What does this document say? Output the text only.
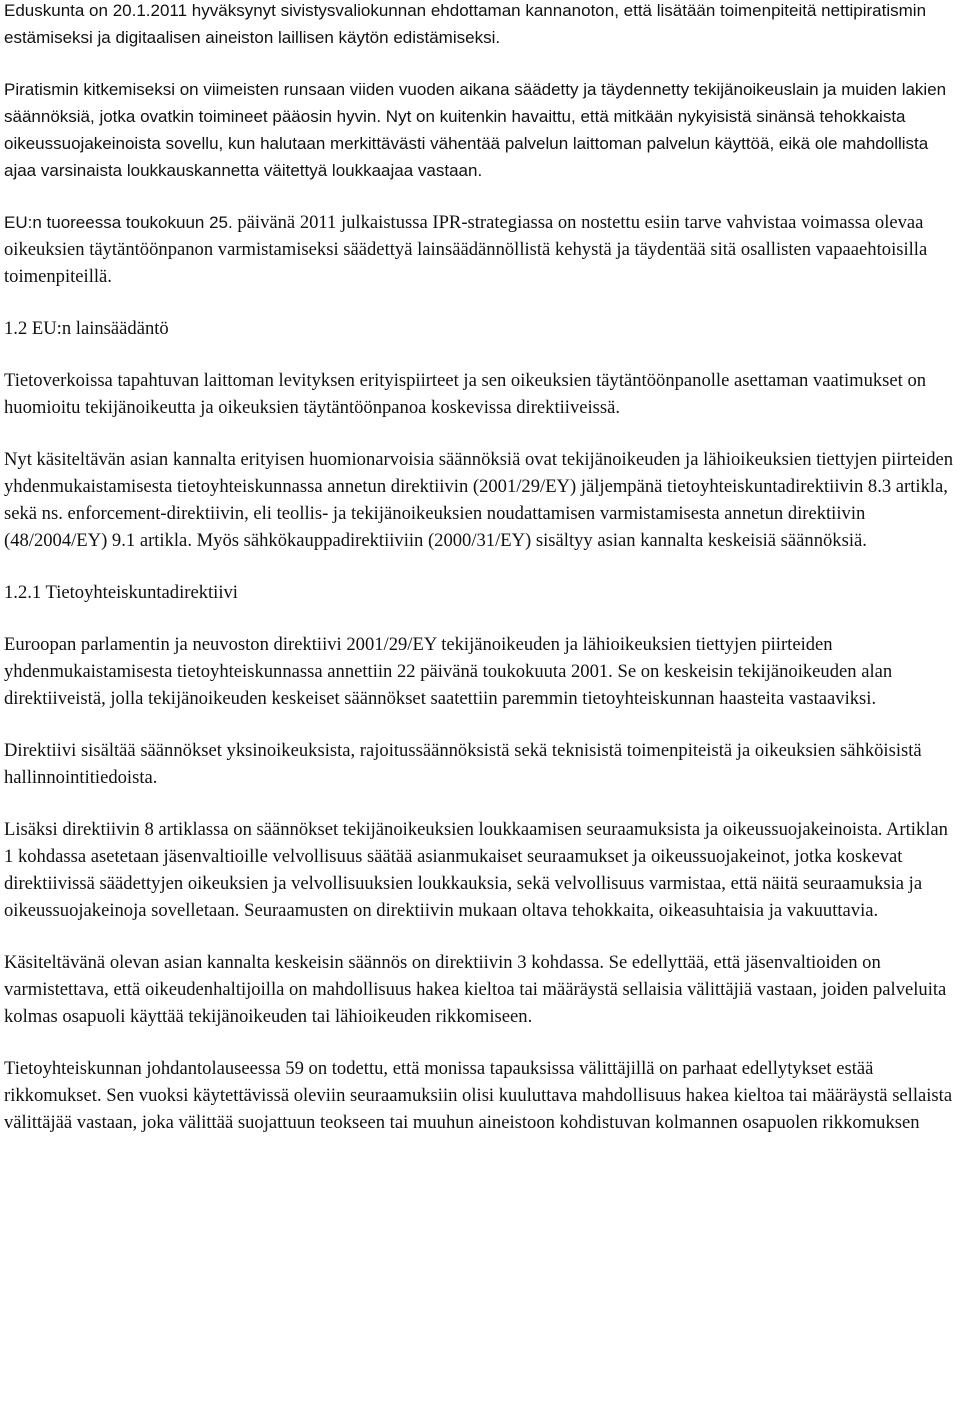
Eduskunta on 20.1.2011 hyväksynyt sivistysvaliokunnan ehdottaman kannanoton, että lisätään toimenpiteitä nettipiratismin estämiseksi ja digitaalisen aineiston laillisen käytön edistämiseksi.

Piratismin kitkemiseksi on viimeisten runsaan viiden vuoden aikana säädetty ja täydennetty tekijänoikeuslain ja muiden lakien säännöksiä, jotka ovatkin toimineet pääosin hyvin. Nyt on kuitenkin havaittu, että mitkään nykyisistä sinänsä tehokkaista oikeussuojakeinoista sovellu, kun halutaan merkittävästi vähentää palvelun laittoman palvelun käyttöä, eikä ole mahdollista ajaa varsinaista loukkauskannetta väitettyä loukkaajaa vastaan.

EU:n tuoreessa toukokuun 25. päivänä 2011 julkaistussa IPR-strategiassa on nostettu esiin tarve vahvistaa voimassa olevaa oikeuksien täytäntöönpanon varmistamiseksi säädettyä lainsäädännöllistä kehystä ja täydentää sitä osallisten vapaaehtoisilla toimenpiteillä.

1.2 EU:n lainsäädäntö

Tietoverkoissa tapahtuvan laittoman levityksen erityispiirteet ja sen oikeuksien täytäntöönpanolle asettaman vaatimukset on huomioitu tekijänoikeutta ja oikeuksien täytäntöönpanoa koskevissa direktiiveissä.

Nyt käsiteltävän asian kannalta erityisen huomionarvoisia säännöksiä ovat tekijänoikeuden ja lähioikeuksien tiettyjen piirteiden yhdenmukaistamisesta tietoyhteiskunnassa annetun direktiivin (2001/29/EY) jäljempänä tietoyhteiskuntadirektiivin 8.3 artikla, sekä ns. enforcement-direktiivin, eli teollis- ja tekijänoikeuksien noudattamisen varmistamisesta annetun direktiivin (48/2004/EY) 9.1 artikla. Myös sähkökauppadirektiiviin (2000/31/EY) sisältyy asian kannalta keskeisiä säännöksiä.

1.2.1 Tietoyhteiskuntadirektiivi

Euroopan parlamentin ja neuvoston direktiivi 2001/29/EY tekijänoikeuden ja lähioikeuksien tiettyjen piirteiden yhdenmukaistamisesta tietoyhteiskunnassa annettiin 22 päivänä toukokuuta 2001. Se on keskeisin tekijänoikeuden alan direktiiveistä, jolla tekijänoikeuden keskeiset säännökset saatettiin paremmin tietoyhteiskunnan haasteita vastaaviksi.

Direktiivi sisältää säännökset yksinoikeuksista, rajoitussäännöksistä sekä teknisistä toimenpiteistä ja oikeuksien sähköisistä hallinnointitiedoista.

Lisäksi direktiivin 8 artiklassa on säännökset tekijänoikeuksien loukkaamisen seuraamuksista ja oikeussuojakeinoista. Artiklan 1 kohdassa asetetaan jäsenvaltioille velvollisuus säätää asianmukaiset seuraamukset ja oikeussuojakeinot, jotka koskevat direktiivissä säädettyjen oikeuksien ja velvollisuuksien loukkauksia, sekä velvollisuus varmistaa, että näitä seuraamuksia ja oikeussuojakeinoja sovelletaan. Seuraamusten on direktiivin mukaan oltava tehokkaita, oikeasuhtaisia ja vakuuttavia.

Käsiteltävänä olevan asian kannalta keskeisin säännös on direktiivin 3 kohdassa. Se edellyttää, että jäsenvaltioiden on varmistettava, että oikeudenhaltijoilla on mahdollisuus hakea kieltoa tai määräystä sellaisia välittäjiä vastaan, joiden palveluita kolmas osapuoli käyttää tekijänoikeuden tai lähioikeuden rikkomiseen.

Tietoyhteiskunnan johdantolauseessa 59 on todettu, että monissa tapauksissa välittäjillä on parhaat edellytykset estää rikkomukset. Sen vuoksi käytettävissä oleviin seuraamuksiin olisi kuuluttava mahdollisuus hakea kieltoa tai määräystä sellaista välittäjää vastaan, joka välittää suojattuun teokseen tai muuhun aineistoon kohdistuvan kolmannen osapuolen rikkomuksen
